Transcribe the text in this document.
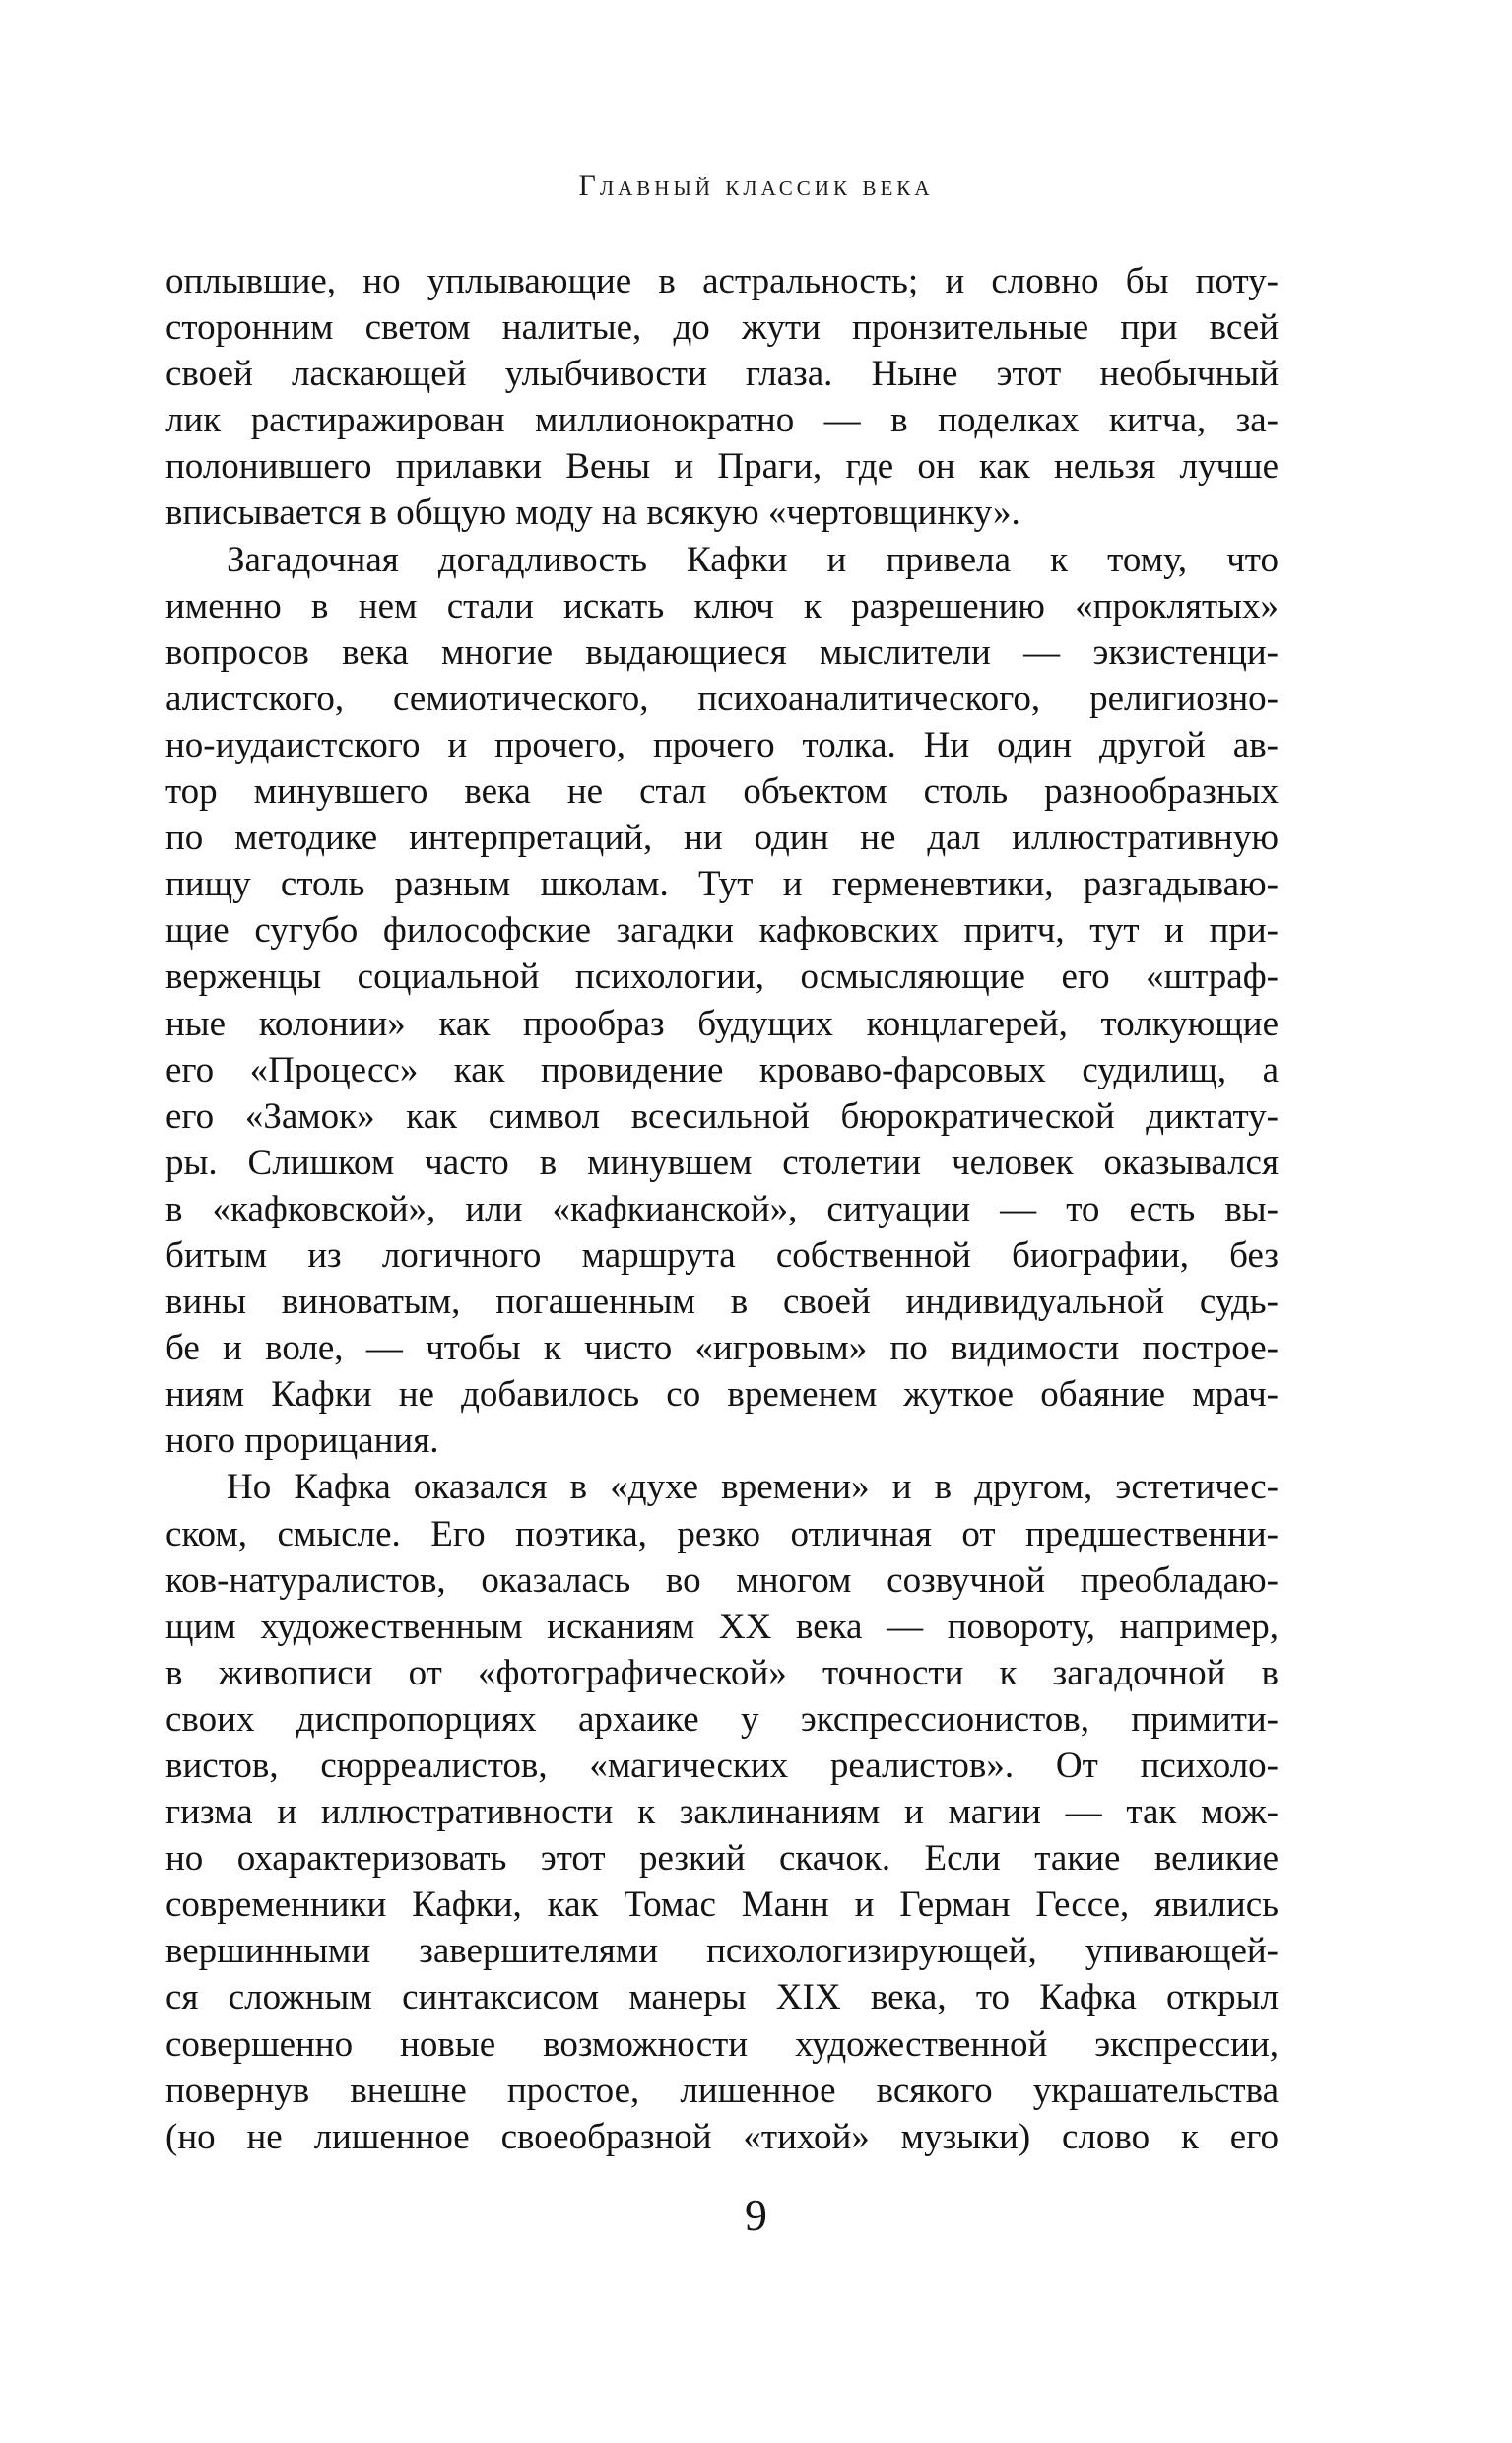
Главный классик века
оплывшие, но уплывающие в астральность; и словно бы поту-
сторонним светом налитые, до жути пронзительные при всей
своей ласкающей улыбчивости глаза. Ныне этот необычный
лик растиражирован миллионократно — в поделках китча, за-
полонившего прилавки Вены и Праги, где он как нельзя лучше
вписывается в общую моду на всякую «чертовщинку».
Загадочная догадливость Кафки и привела к тому, что
именно в нем стали искать ключ к разрешению «проклятых»
вопросов века многие выдающиеся мыслители — экзистенци-
алистского, семиотического, психоаналитического, религиозно-
но-иудаистского и прочего, прочего толка. Ни один другой ав-
тор минувшего века не стал объектом столь разнообразных
по методике интерпретаций, ни один не дал иллюстративную
пищу столь разным школам. Тут и герменевтики, разгадываю-
щие сугубо философские загадки кафковских притч, тут и при-
верженцы социальной психологии, осмысляющие его «штраф-
ные колонии» как прообраз будущих концлагерей, толкующие
его «Процесс» как провидение кроваво-фарсовых судилищ, а
его «Замок» как символ всесильной бюрократической диктату-
ры. Слишком часто в минувшем столетии человек оказывался
в «кафковской», или «кафкианской», ситуации — то есть вы-
битым из логичного маршрута собственной биографии, без
вины виноватым, погашенным в своей индивидуальной судь-
бе и воле, — чтобы к чисто «игровым» по видимости построе-
ниям Кафки не добавилось со временем жуткое обаяние мрач-
ного прорицания.
Но Кафка оказался в «духе времени» и в другом, эстетичес-
ском, смысле. Его поэтика, резко отличная от предшественни-
ков-натуралистов, оказалась во многом созвучной преобладаю-
щим художественным исканиям XX века — повороту, например,
в живописи от «фотографической» точности к загадочной в
своих диспропорциях архаике у экспрессионистов, примити-
вистов, сюрреалистов, «магических реалистов». От психоло-
гизма и иллюстративности к заклинаниям и магии — так мож-
но охарактеризовать этот резкий скачок. Если такие великие
современники Кафки, как Томас Манн и Герман Гессе, явились
вершинными завершителями психологизирующей, упивающей-
ся сложным синтаксисом манеры XIX века, то Кафка открыл
совершенно новые возможности художественной экспрессии,
повернув внешне простое, лишенное всякого украшательства
(но не лишенное своеобразной «тихой» музыки) слово к его
9
